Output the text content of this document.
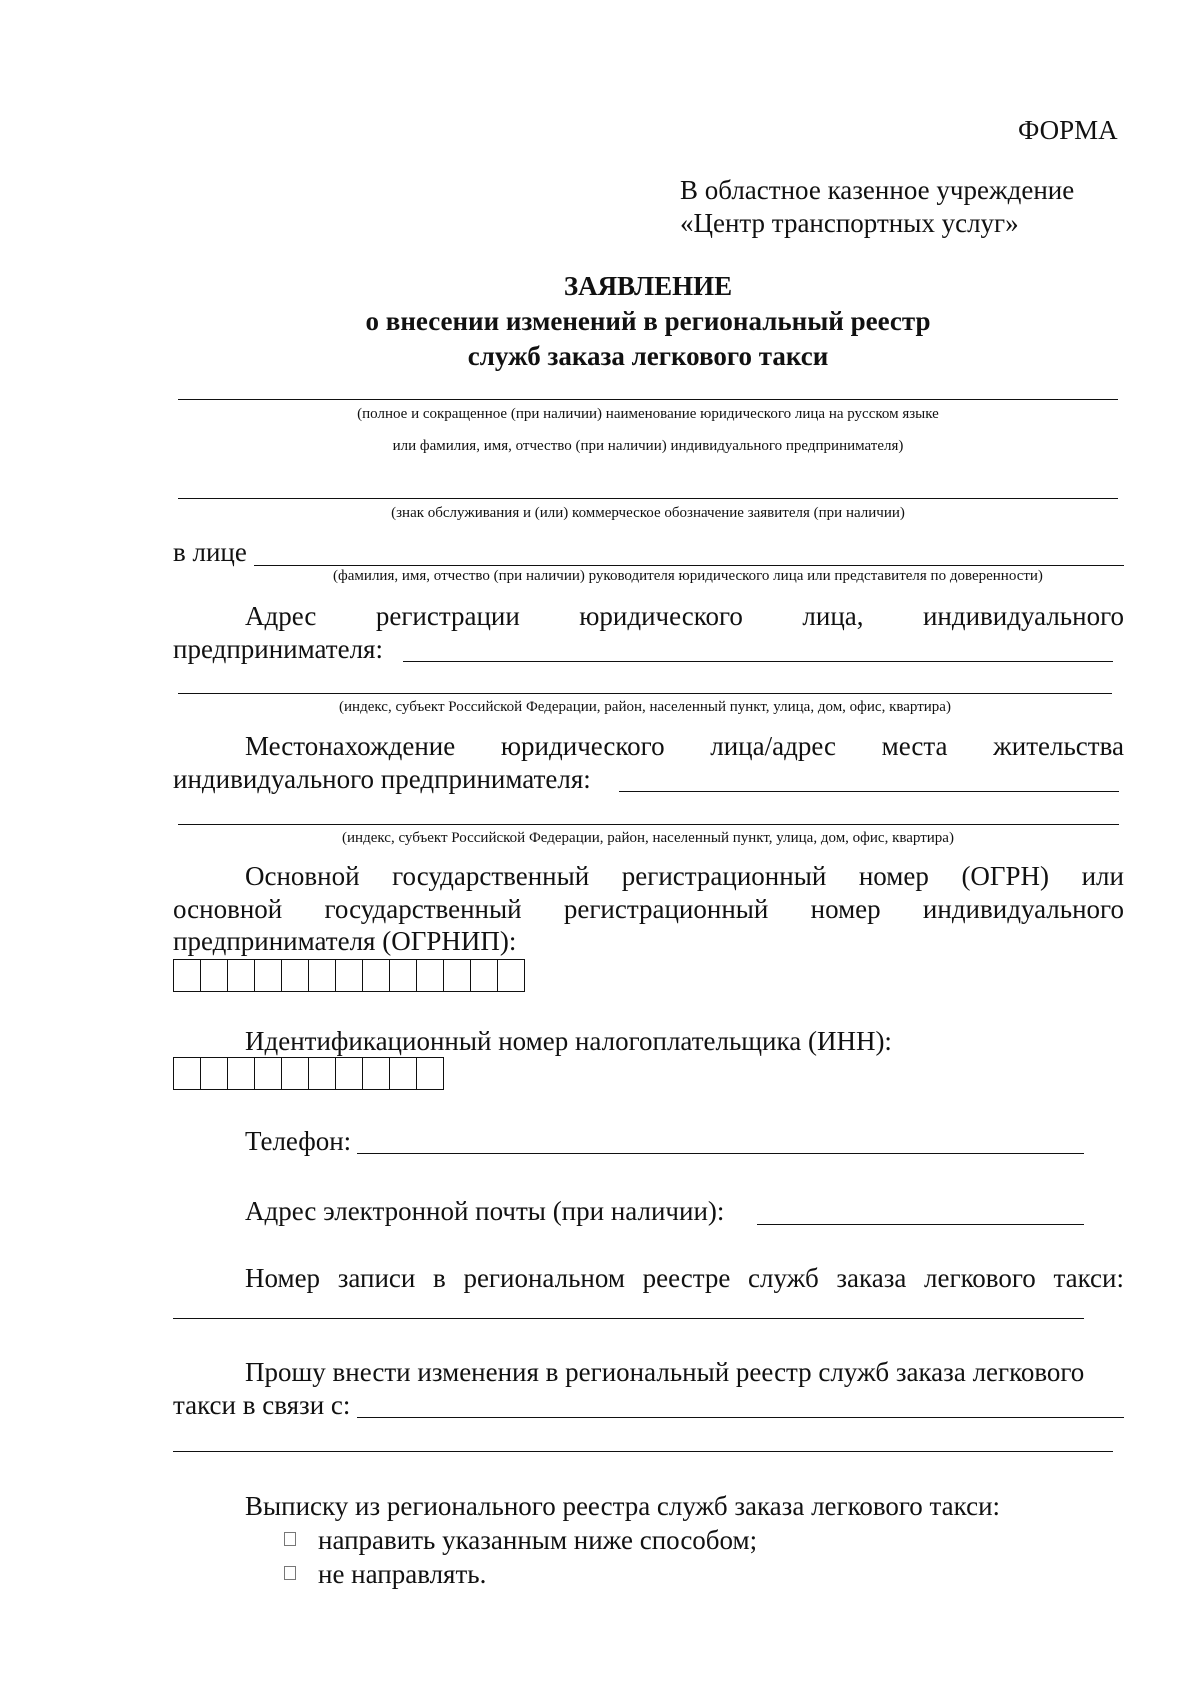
ФОРМА
В областное казенное учреждение
«Центр транспортных услуг»
ЗАЯВЛЕНИЕ
о внесении изменений в региональный реестр
служб заказа легкового такси
(полное и сокращенное (при наличии) наименование юридического лица на русском языке
или фамилия, имя, отчество (при наличии) индивидуального предпринимателя)
(знак обслуживания и (или) коммерческое обозначение заявителя (при наличии)
в лице
(фамилия, имя, отчество (при наличии) руководителя юридического лица или представителя по доверенности)
Адрес регистрации юридического лица, индивидуального
предпринимателя:
(индекс, субъект Российской Федерации, район, населенный пункт, улица, дом, офис, квартира)
Местонахождение юридического лица/адрес места жительства
индивидуального предпринимателя:
(индекс, субъект Российской Федерации, район, населенный пункт, улица, дом, офис, квартира)
Основной государственный регистрационный номер (ОГРН) или
основной государственный регистрационный номер индивидуального
предпринимателя (ОГРНИП):
Идентификационный номер налогоплательщика (ИНН):
Телефон:
Адрес электронной почты (при наличии):
Номер записи в региональном реестре служб заказа легкового такси:
Прошу внести изменения в региональный реестр служб заказа легкового
такси в связи с:
Выписку из регионального реестра служб заказа легкового такси:
направить указанным ниже способом;
не направлять.
